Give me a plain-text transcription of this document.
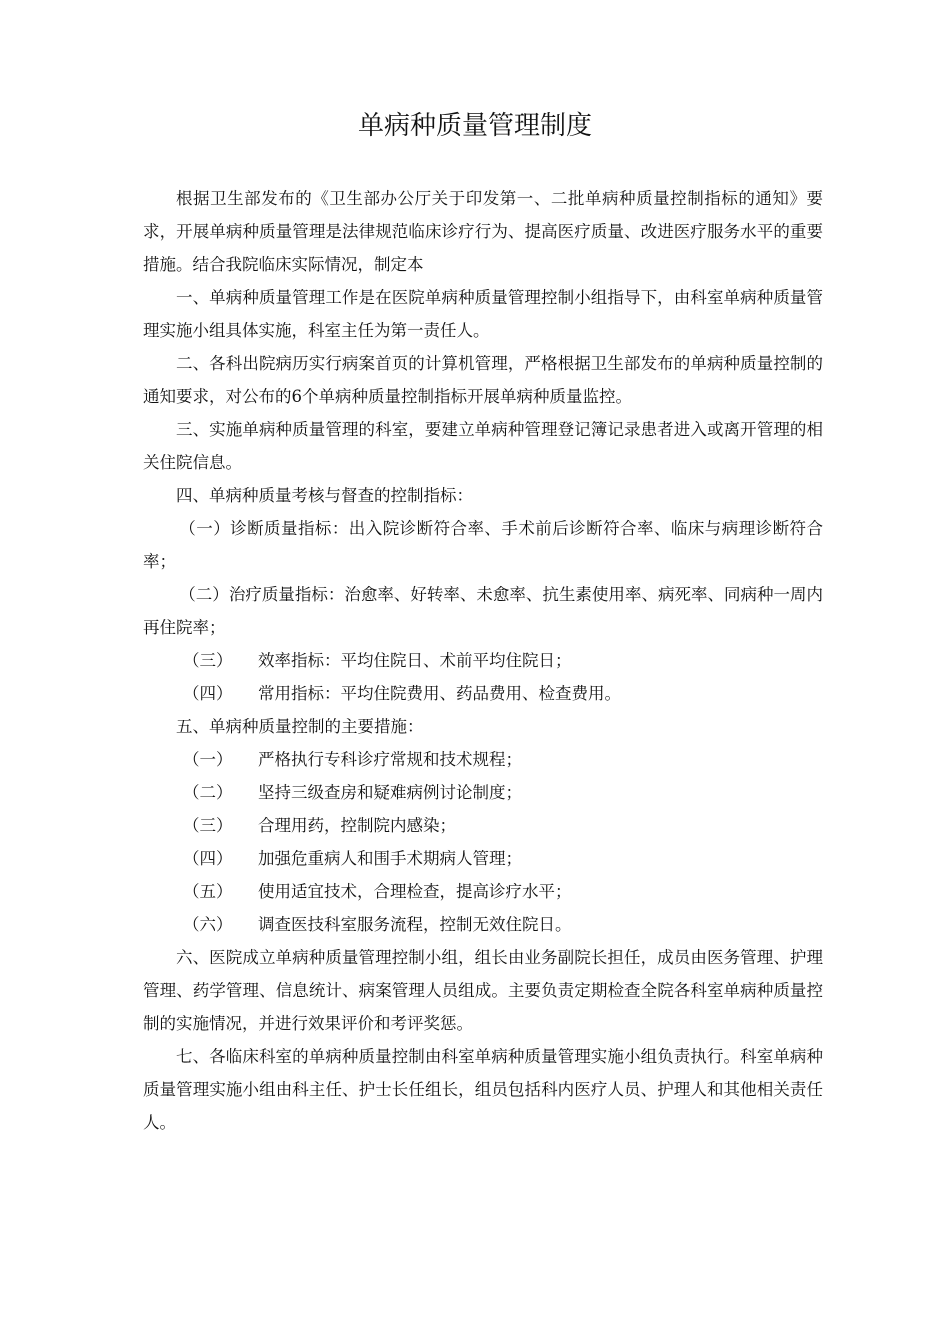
单病种质量管理制度

根据卫生部发布的《卫生部办公厅关于印发第一、二批单病种质量控制指标的通知》要求，开展单病种质量管理是法律规范临床诊疗行为、提高医疗质量、改进医疗服务水平的重要措施。结合我院临床实际情况，制定本

一、单病种质量管理工作是在医院单病种质量管理控制小组指导下，由科室单病种质量管理实施小组具体实施，科室主任为第一责任人。

二、各科出院病历实行病案首页的计算机管理，严格根据卫生部发布的单病种质量控制的通知要求，对公布的6个单病种质量控制指标开展单病种质量监控。

三、实施单病种质量管理的科室，要建立单病种管理登记簿记录患者进入或离开管理的相关住院信息。

四、单病种质量考核与督查的控制指标：

（一）诊断质量指标：出入院诊断符合率、手术前后诊断符合率、临床与病理诊断符合率；

（二）治疗质量指标：治愈率、好转率、未愈率、抗生素使用率、病死率、同病种一周内再住院率；

（三） 效率指标：平均住院日、术前平均住院日；

（四） 常用指标：平均住院费用、药品费用、检查费用。

五、单病种质量控制的主要措施：

（一） 严格执行专科诊疗常规和技术规程；

（二） 坚持三级查房和疑难病例讨论制度；

（三） 合理用药，控制院内感染；

（四） 加强危重病人和围手术期病人管理；

（五） 使用适宜技术，合理检查，提高诊疗水平；

（六） 调查医技科室服务流程，控制无效住院日。

六、医院成立单病种质量管理控制小组，组长由业务副院长担任，成员由医务管理、护理管理、药学管理、信息统计、病案管理人员组成。主要负责定期检查全院各科室单病种质量控制的实施情况，并进行效果评价和考评奖惩。

七、各临床科室的单病种质量控制由科室单病种质量管理实施小组负责执行。科室单病种质量管理实施小组由科主任、护士长任组长，组员包括科内医疗人员、护理人和其他相关责任人。
